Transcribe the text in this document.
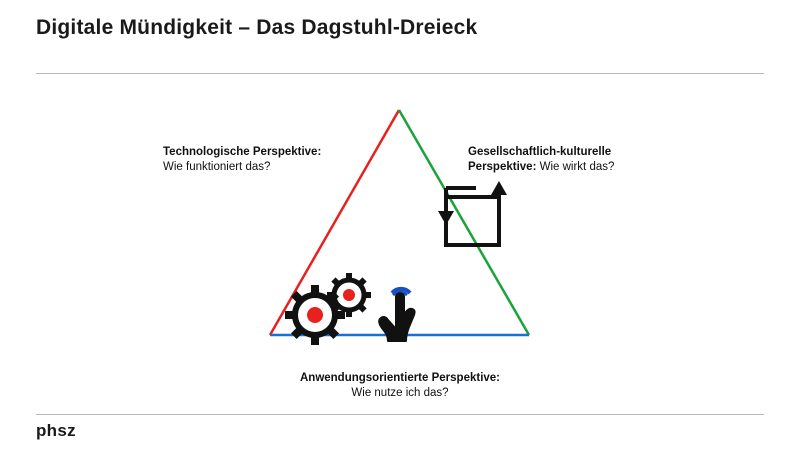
Digitale Mündigkeit – Das Dagstuhl-Dreieck
Technologische Perspektive:
Wie funktioniert das?
Gesellschaftlich-kulturelle
Perspektive: Wie wirkt das?
Anwendungsorientierte Perspektive:
Wie nutze ich das?
phsz
